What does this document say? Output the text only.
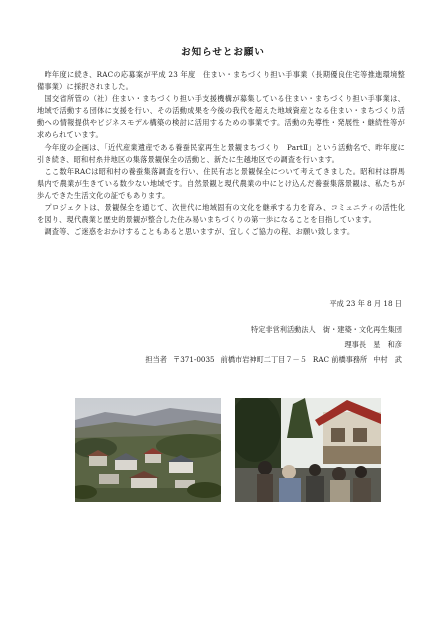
お知らせとお願い

昨年度に続き、RACの応募案が平成 23 年度　住まい・まちづくり担い手事業（長期優良住宅等推進環境整備事業）に採択されました。

国交省所管の（社）住まい・まちづくり担い手支援機構が募集している住まい・まちづくり担い手事業は、地域で活動する団体に支援を行い、その活動成果を今後の我代を超えた地域資産となる住まい・まちづくり活動への情報提供やビジネスモデル構築の検討に活用するための事業です。活動の先導性・発展性・継続性等が求められています。

今年度の企画は、「近代産業遺産である養蚕民家再生と景観まちづくり　PartⅡ」という活動名で、昨年度に引き続き、昭和村糸井地区の集落景観保全の活動と、新たに生越地区での調査を行います。

ここ数年RACは昭和村の養蚕集落調査を行い、住民有志と景観保全について考えてきました。昭和村は群馬県内で農業が生きている数少ない地域です。自然景観と現代農業の中にとけ込んだ養蚕集落景観は、私たちが歩んできた生活文化の証でもあります。

プロジェクトは、景観保全を通じて、次世代に地域固有の文化を継承する力を育み、コミュニティの活性化を図り、現代農業と歴史的景観が整合した住み易いまちづくりの第一歩になることを目指しています。

調査等、ご迷惑をおかけすることもあると思いますが、宜しくご協力の程、お願い致します。

平成 23 年 8 月 18 日
特定非営利活動法人　街・建築・文化再生集団
理事長　星　和彦
担当者 〒371-0035 前橋市岩神町二丁目７－５ RAC 前橋事務所 中村　武
